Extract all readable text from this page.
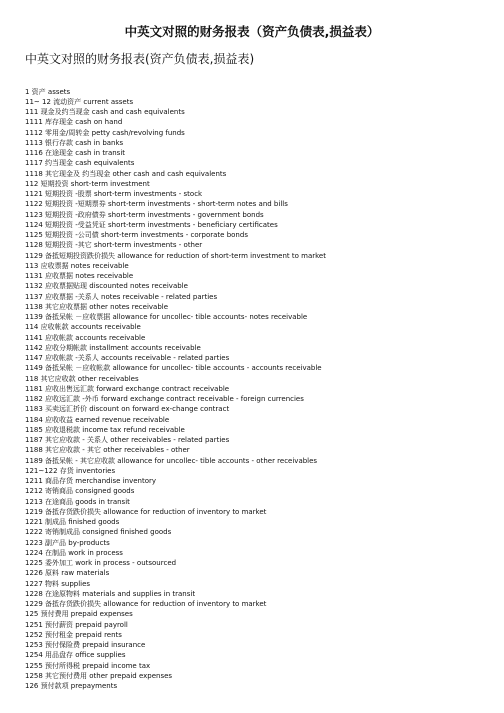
中英文对照的财务报表（资产负债表,损益表）
中英文对照的财务报表(资产负债表,损益表)
1 资产 assets
11~ 12 流动资产 current assets
111 现金及约当现金 cash and cash equivalents
1111 库存现金 cash on hand
1112 零用金/周转金 petty cash/revolving funds
1113 银行存款 cash in banks
1116 在途现金 cash in transit
1117 约当现金 cash equivalents
1118 其它现金及 约当现金 other cash and cash equivalents
112 短期投资 short-term investment
1121 短期投资 -股票 short-term investments - stock
1122 短期投资 -短期票券 short-term investments - short-term notes and bills
1123 短期投资 -政府债券 short-term investments - government bonds
1124 短期投资 -受益凭证 short-term investments - beneficiary certificates
1125 短期投资 -公司债 short-term investments - corporate bonds
1128 短期投资 -其它 short-term investments - other
1129 备抵短期投资跌价损失 allowance for reduction of short-term investment to market
113 应收票据 notes receivable
1131 应收票据 notes receivable
1132 应收票据贴现 discounted notes receivable
1137 应收票据 -关系人 notes receivable - related parties
1138 其它应收票据 other notes receivable
1139 备抵呆帐 －应收票据 allowance for uncollec- tible accounts- notes receivable
114 应收帐款 accounts receivable
1141 应收帐款 accounts receivable
1142 应收分期帐款 installment accounts receivable
1147 应收帐款 -关系人 accounts receivable - related parties
1149 备抵呆帐 －应收帐款 allowance for uncollec- tible accounts - accounts receivable
118 其它应收款 other receivables
1181 应收出售远汇款 forward exchange contract receivable
1182 应收远汇款 -外币 forward exchange contract receivable - foreign currencies
1183 买卖远汇折价 discount on forward ex-change contract
1184 应收收益 earned revenue receivable
1185 应收退税款 income tax refund receivable
1187 其它应收款 - 关系人 other receivables - related parties
1188 其它应收款 - 其它 other receivables - other
1189 备抵呆帐 - 其它应收款 allowance for uncollec- tible accounts - other receivables
121~122 存货 inventories
1211 商品存货 merchandise inventory
1212 寄销商品 consigned goods
1213 在途商品 goods in transit
1219 备抵存货跌价损失 allowance for reduction of inventory to market
1221 制成品 finished goods
1222 寄销制成品 consigned finished goods
1223 副产品 by-products
1224 在制品 work in process
1225 委外加工 work in process - outsourced
1226 原料 raw materials
1227 物料 supplies
1228 在途原物料 materials and supplies in transit
1229 备抵存货跌价损失 allowance for reduction of inventory to market
125 预付费用 prepaid expenses
1251 预付薪资 prepaid payroll
1252 预付租金 prepaid rents
1253 预付保险费 prepaid insurance
1254 用品盘存 office supplies
1255 预付所得税 prepaid income tax
1258 其它预付费用 other prepaid expenses
126 预付款项 prepayments
